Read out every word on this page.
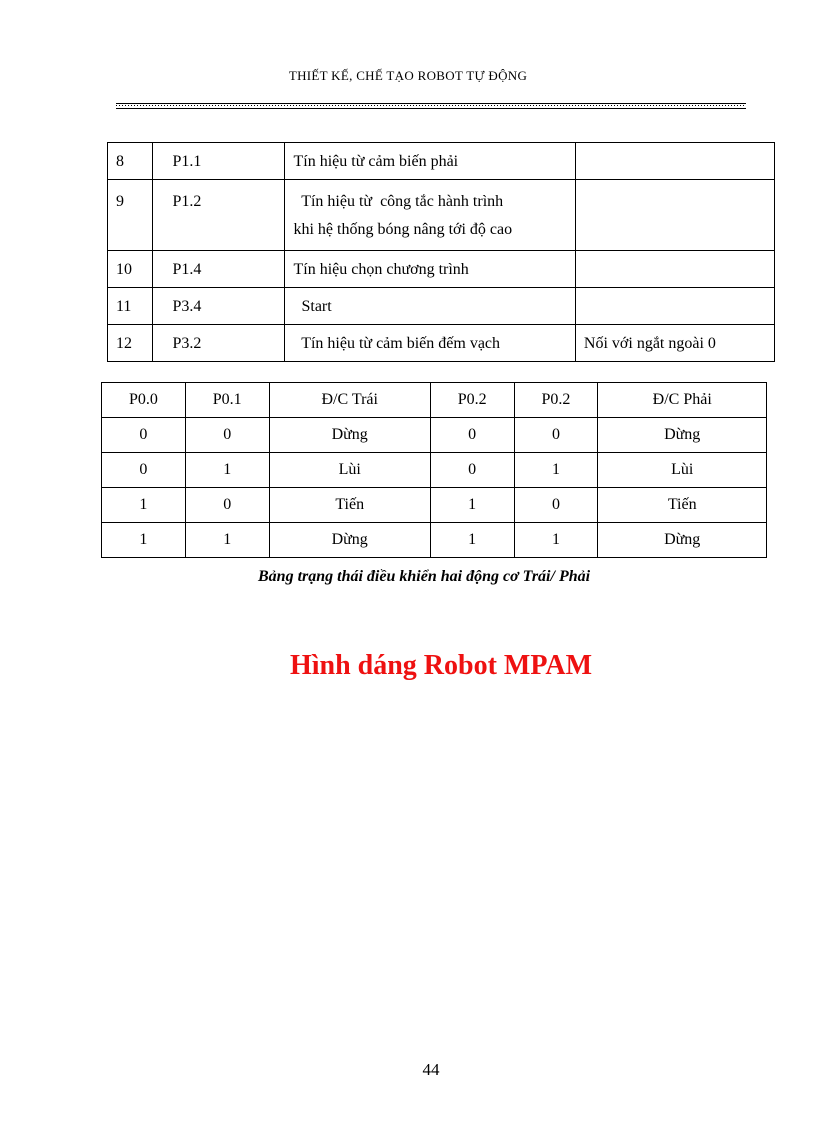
THIẾT KẾ, CHẾ TẠO ROBOT TỰ ĐỘNG
8	P1.1	Tín hiệu từ cảm biến phải	
9	P1.2	Tín hiệu từ  công tắc hành trình
khi hệ thống bóng nâng tới độ cao	

10	P1.4	Tín hiệu chọn chương trình	
11	P3.4	Start	
12	P3.2	Tín hiệu từ cảm biến đếm vạch	Nối với ngắt ngoài 0
P0.0	P0.1	Đ/C Trái	P0.2	P0.2	Đ/C Phải
0	0	Dừng	0	0	Dừng
0	1	Lùi	0	1	Lùi
1	0	Tiến	1	0	Tiến
1	1	Dừng	1	1	Dừng
Bảng trạng thái điều khiển hai động cơ Trái/ Phải
Hình dáng Robot MPAM
44
